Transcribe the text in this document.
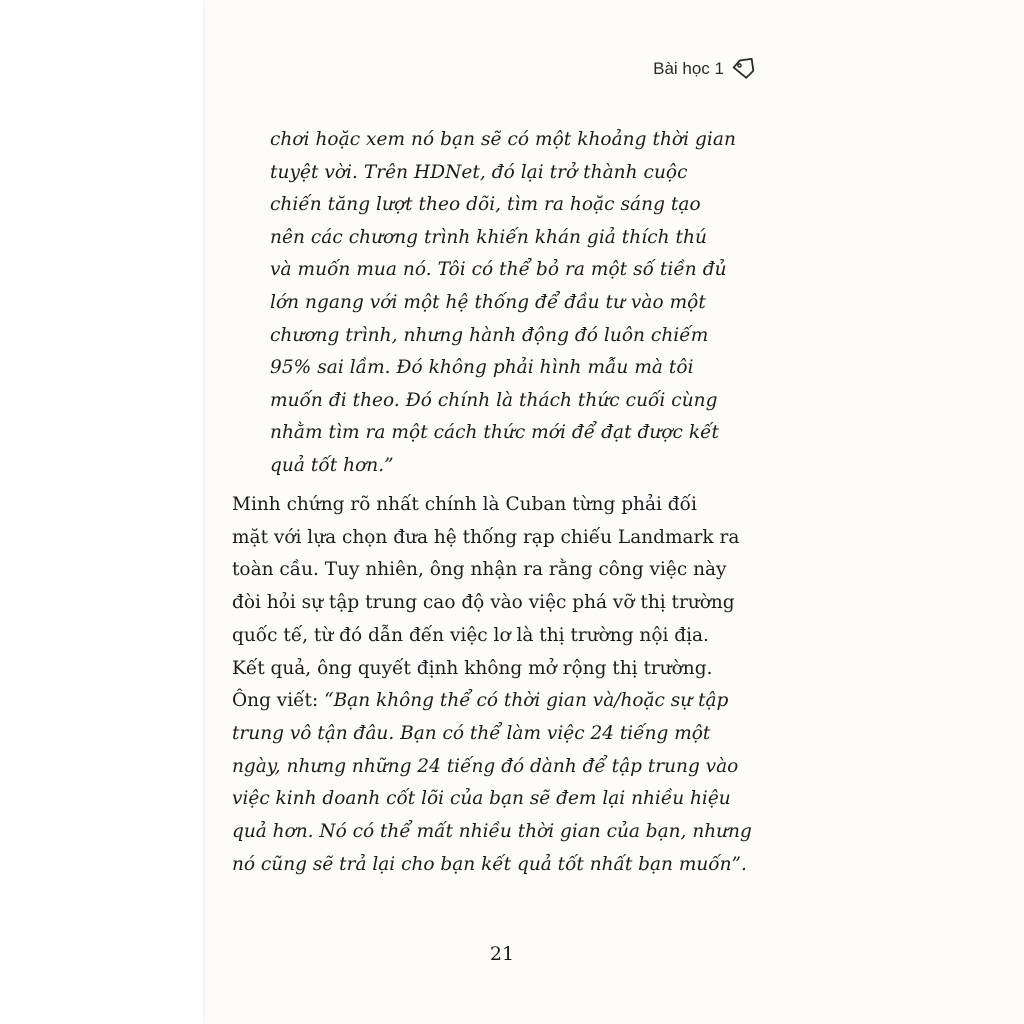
Bài học 1
chơi hoặc xem nó bạn sẽ có một khoảng thời gian
tuyệt vời. Trên HDNet, đó lại trở thành cuộc
chiến tăng lượt theo dõi, tìm ra hoặc sáng tạo
nên các chương trình khiến khán giả thích thú
và muốn mua nó. Tôi có thể bỏ ra một số tiền đủ
lớn ngang với một hệ thống để đầu tư vào một
chương trình, nhưng hành động đó luôn chiếm
95% sai lầm. Đó không phải hình mẫu mà tôi
muốn đi theo. Đó chính là thách thức cuối cùng
nhằm tìm ra một cách thức mới để đạt được kết
quả tốt hơn.”
Minh chứng rõ nhất chính là Cuban từng phải đối
mặt với lựa chọn đưa hệ thống rạp chiếu Landmark ra
toàn cầu. Tuy nhiên, ông nhận ra rằng công việc này
đòi hỏi sự tập trung cao độ vào việc phá vỡ thị trường
quốc tế, từ đó dẫn đến việc lơ là thị trường nội địa.
Kết quả, ông quyết định không mở rộng thị trường.
Ông viết: “Bạn không thể có thời gian và/hoặc sự tập
trung vô tận đâu. Bạn có thể làm việc 24 tiếng một
ngày, nhưng những 24 tiếng đó dành để tập trung vào
việc kinh doanh cốt lõi của bạn sẽ đem lại nhiều hiệu
quả hơn. Nó có thể mất nhiều thời gian của bạn, nhưng
nó cũng sẽ trả lại cho bạn kết quả tốt nhất bạn muốn”.
21
